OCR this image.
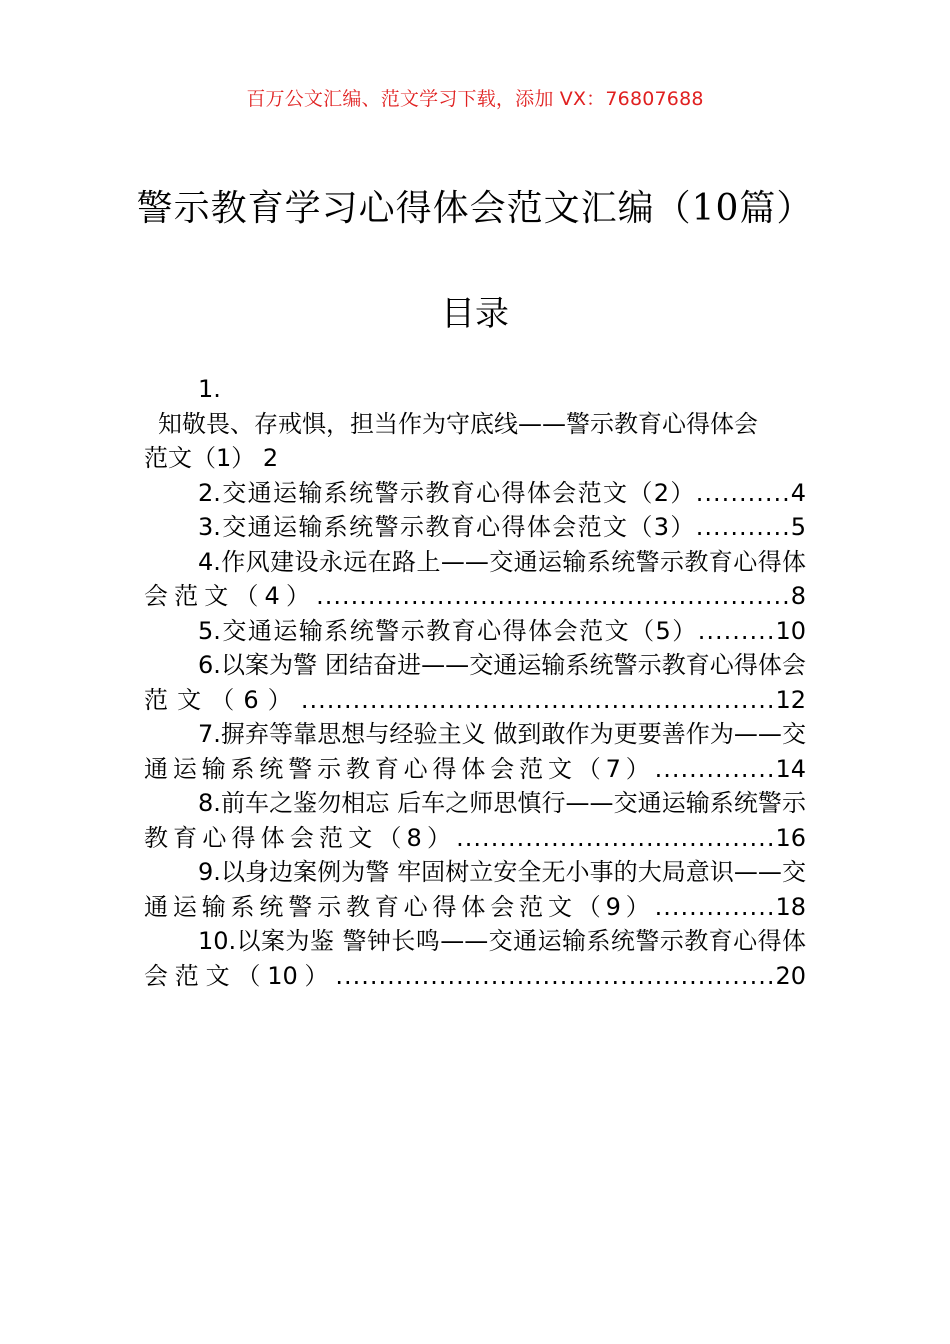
百万公文汇编、范文学习下载，添加 VX：76807688
警示教育学习心得体会范文汇编（10篇）
目录
1.
知敬畏、存戒惧，担当作为守底线——警示教育心得体会
范文（1） 2
2.交通运输系统警示教育心得体会范文（2）...........4
3.交通运输系统警示教育心得体会范文（3）...........5
4.作风建设永远在路上——交通运输系统警示教育心得体会范文（4）.......................................................8
5.交通运输系统警示教育心得体会范文（5）.........10
6.以案为警 团结奋进——交通运输系统警示教育心得体会范文（6）.......................................................12
7.摒弃等靠思想与经验主义 做到敢作为更要善作为——交通运输系统警示教育心得体会范文（7）..............14
8.前车之鉴勿相忘 后车之师思慎行——交通运输系统警示教育心得体会范文（8）.....................................16
9.以身边案例为警 牢固树立安全无小事的大局意识——交通运输系统警示教育心得体会范文（9）..............18
10.以案为鉴 警钟长鸣——交通运输系统警示教育心得体会范文（10）...................................................20
